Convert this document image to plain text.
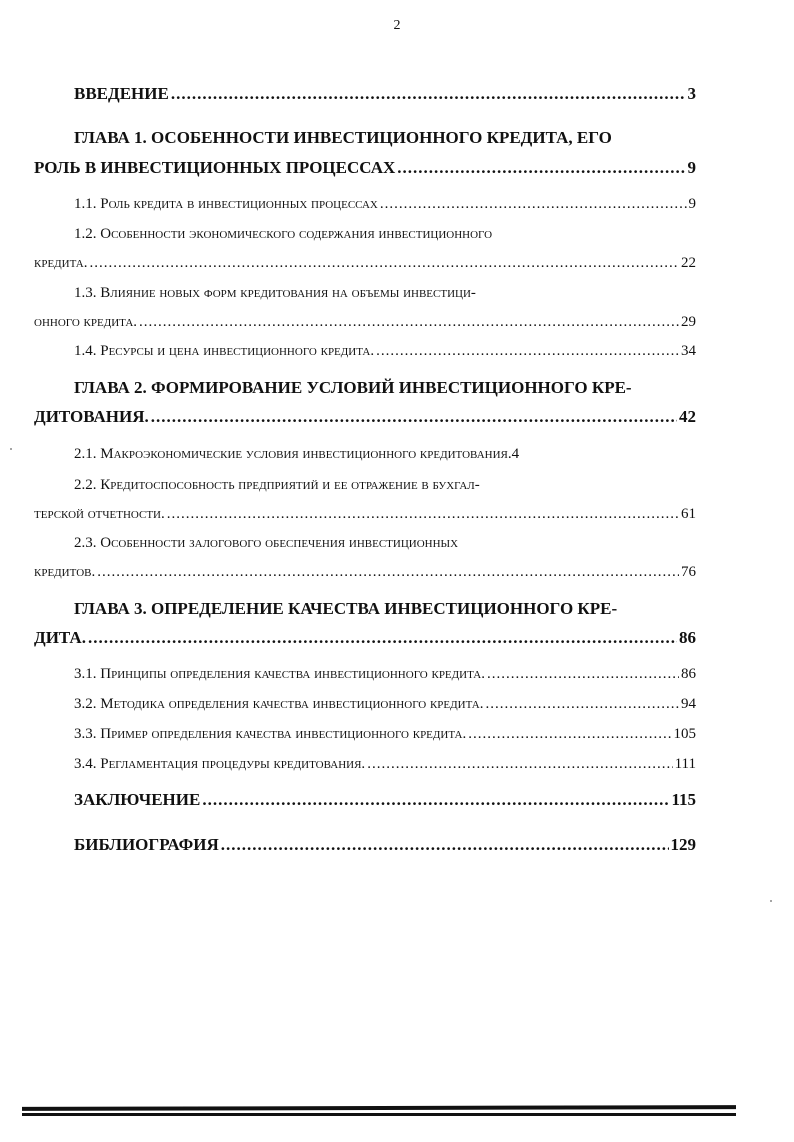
2
ВВЕДЕНИЕ .....	3
ГЛАВА 1. ОСОБЕННОСТИ ИНВЕСТИЦИОННОГО КРЕДИТА, ЕГО
РОЛЬ В ИНВЕСТИЦИОННЫХ ПРОЦЕССАХ .....	9
1.1. Роль кредита в инвестиционных процессах .....	9
1.2. Особенности экономического содержания инвестиционного
кредита. .....	22
1.3. Влияние новых форм кредитования на объемы инвестици-
онного кредита. .....	29
1.4. Ресурсы и цена инвестиционного кредита. .....	34
ГЛАВА 2. ФОРМИРОВАНИЕ УСЛОВИЙ ИНВЕСТИЦИОННОГО КРЕ-
ДИТОВАНИЯ. .....	42
2.1. Макроэкономические условия инвестиционного кредитования.4
2.2. Кредитоспособность предприятий и ее отражение в бухгал-
терской отчетности. .....	61
2.3. Особенности залогового обеспечения инвестиционных
кредитов. .....	76
ГЛАВА 3. ОПРЕДЕЛЕНИЕ КАЧЕСТВА ИНВЕСТИЦИОННОГО КРЕ-
ДИТА. .....	86
3.1. Принципы определения качества инвестиционного кредита. .....	86
3.2. Методика определения качества инвестиционного кредита. .....	94
3.3. Пример определения качества инвестиционного кредита. .....	105
3.4. Регламентация процедуры кредитования. .....	111
ЗАКЛЮЧЕНИЕ .....	115
БИБЛИОГРАФИЯ .....	129
